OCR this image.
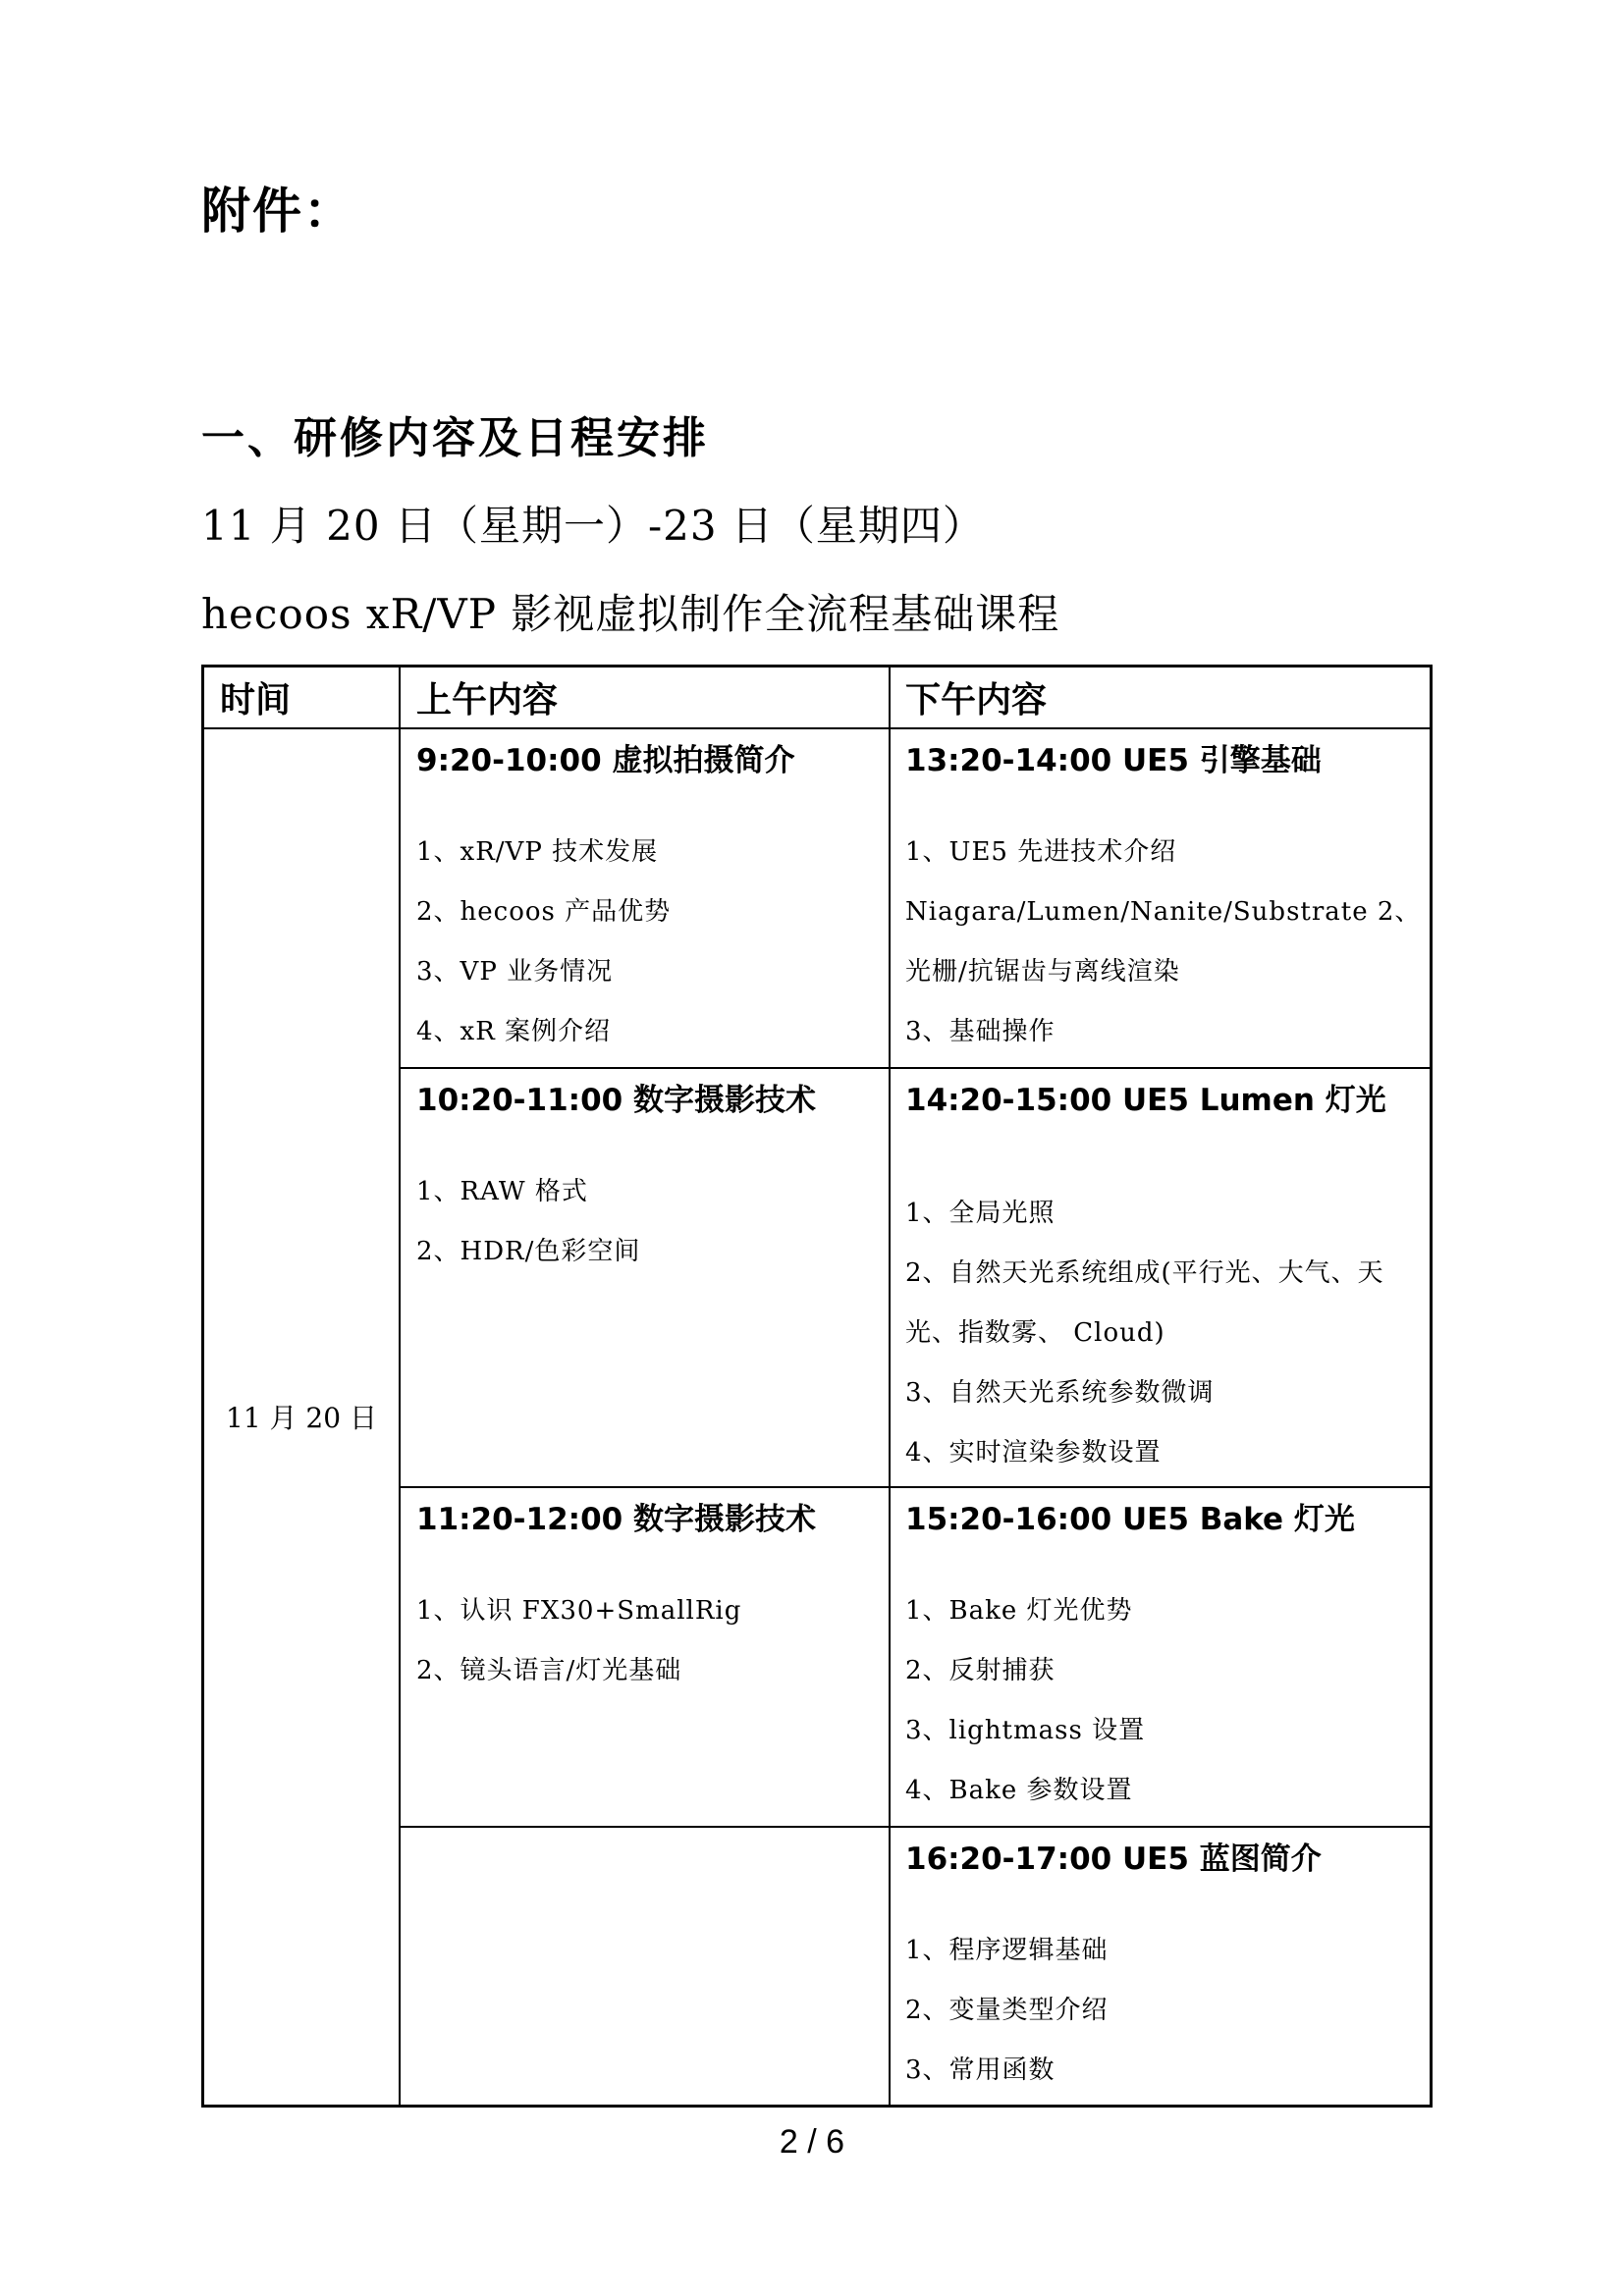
附件：
一、研修内容及日程安排
11 月 20 日（星期一）-23 日（星期四）
hecoos xR/VP 影视虚拟制作全流程基础课程
时间	上午内容	下午内容
11 月 20 日
9:20-10:00 虚拟拍摄简介
1、xR/VP 技术发展
2、hecoos 产品优势
3、VP 业务情况
4、xR 案例介绍
13:20-14:00 UE5 引擎基础
1、UE5 先进技术介绍
Niagara/Lumen/Nanite/Substrate 2、
光栅/抗锯齿与离线渲染
3、基础操作
10:20-11:00 数字摄影技术
1、RAW 格式
2、HDR/色彩空间
14:20-15:00 UE5 Lumen 灯光
1、全局光照
2、自然天光系统组成(平行光、大气、天
光、指数雾、 Cloud)
3、自然天光系统参数微调
4、实时渲染参数设置
11:20-12:00 数字摄影技术
1、认识 FX30+SmallRig
2、镜头语言/灯光基础
15:20-16:00 UE5 Bake 灯光
1、Bake 灯光优势
2、反射捕获
3、lightmass 设置
4、Bake 参数设置
16:20-17:00 UE5 蓝图简介
1、程序逻辑基础
2、变量类型介绍
3、常用函数
2 / 6
